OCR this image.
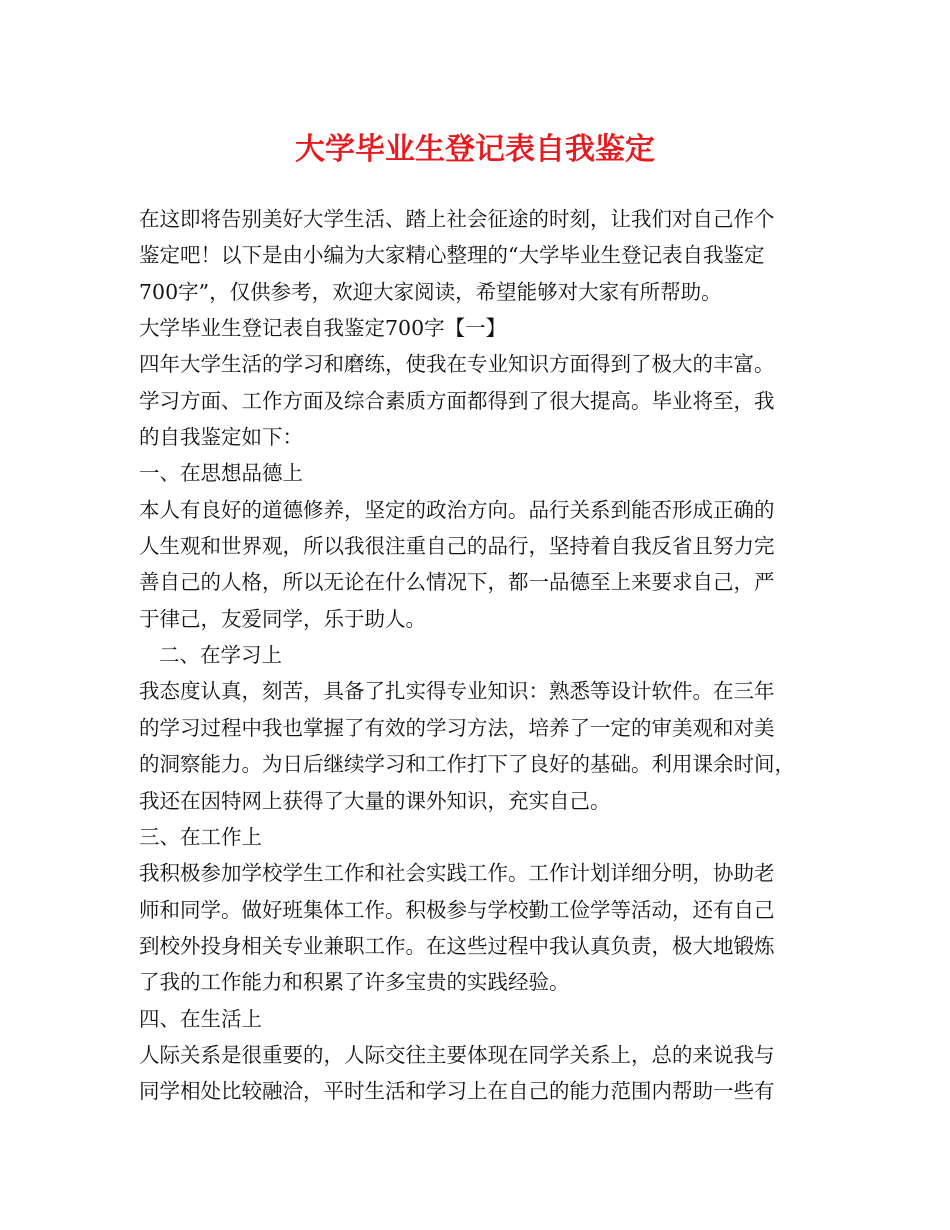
大学毕业生登记表自我鉴定
在这即将告别美好大学生活、踏上社会征途的时刻，让我们对自己作个
鉴定吧！以下是由小编为大家精心整理的“大学毕业生登记表自我鉴定
700字”，仅供参考，欢迎大家阅读，希望能够对大家有所帮助。
大学毕业生登记表自我鉴定700字【一】
四年大学生活的学习和磨练，使我在专业知识方面得到了极大的丰富。
学习方面、工作方面及综合素质方面都得到了很大提高。毕业将至，我
的自我鉴定如下：
一、在思想品德上
本人有良好的道德修养，坚定的政治方向。品行关系到能否形成正确的
人生观和世界观，所以我很注重自己的品行，坚持着自我反省且努力完
善自己的人格，所以无论在什么情况下，都一品德至上来要求自己，严
于律己，友爱同学，乐于助人。
二、在学习上
我态度认真，刻苦，具备了扎实得专业知识：熟悉等设计软件。在三年
的学习过程中我也掌握了有效的学习方法，培养了一定的审美观和对美
的洞察能力。为日后继续学习和工作打下了良好的基础。利用课余时间，
我还在因特网上获得了大量的课外知识，充实自己。
三、在工作上
我积极参加学校学生工作和社会实践工作。工作计划详细分明，协助老
师和同学。做好班集体工作。积极参与学校勤工俭学等活动，还有自己
到校外投身相关专业兼职工作。在这些过程中我认真负责，极大地锻炼
了我的工作能力和积累了许多宝贵的实践经验。
四、在生活上
人际关系是很重要的，人际交往主要体现在同学关系上，总的来说我与
同学相处比较融洽，平时生活和学习上在自己的能力范围内帮助一些有
